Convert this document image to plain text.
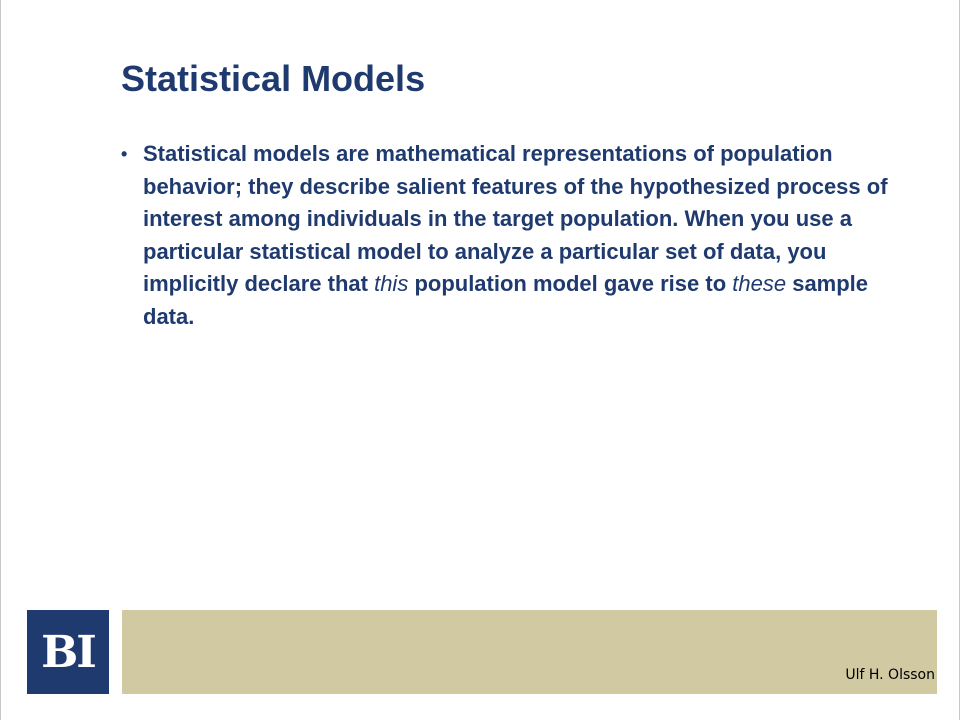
Statistical Models
• Statistical models are mathematical representations of population behavior; they describe salient features of the hypothesized process of interest among individuals in the target population. When you use a particular statistical model to analyze a particular set of data, you implicitly declare that this population model gave rise to these sample data.
BI	Ulf H. Olsson
